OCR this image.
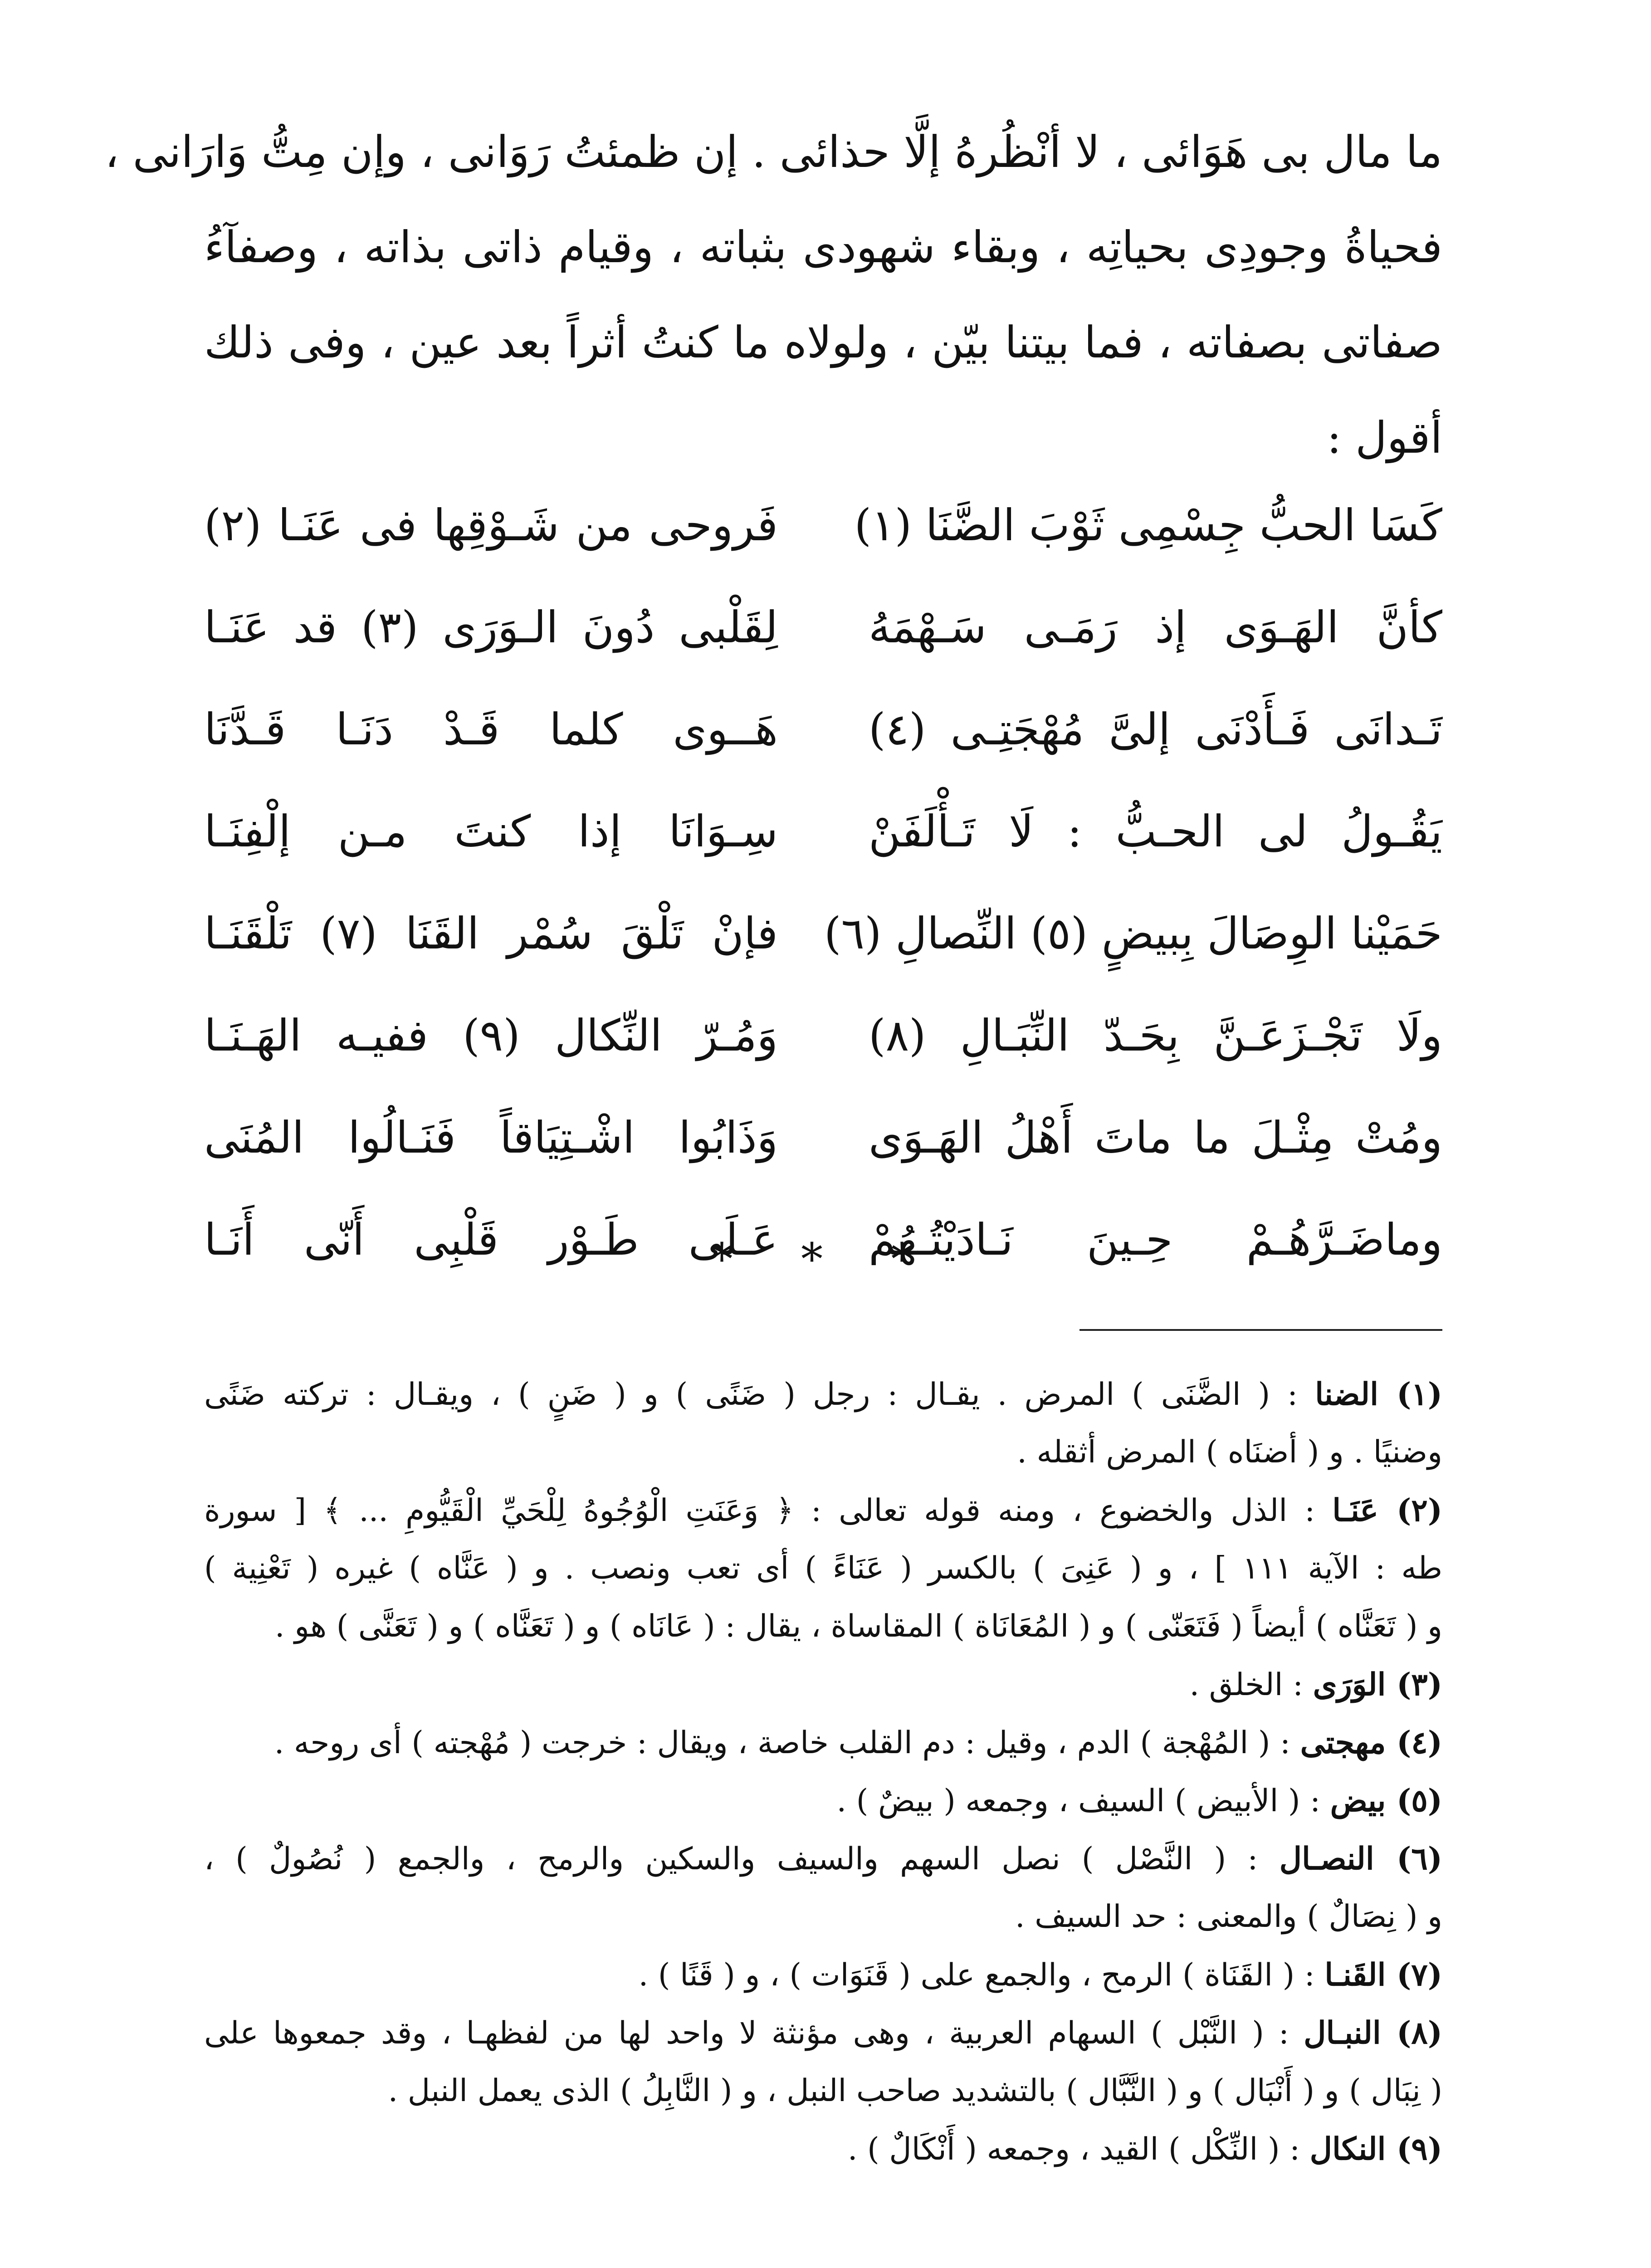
ما مال بى هَوَائى ، لا أنْظُرهُ إلَّا حذائى . إن ظمئتُ رَوَانى ، وإن مِتُّ وَارَانى ،
فحياةُ وجودِى بحياتِه ، وبقاء شهودى بثباته ، وقيام ذاتى بذاته ، وصفآءُ
صفاتى بصفاته ، فما بيتنا بيّن ، ولولاه ما كنتُ أثراً بعد عين ، وفى ذلك
أقول :
كَسَا الحبُّ جِسْمِى ثَوْبَ الضَّنَا (١)
فَروحى من شَـوْقِها فى عَنَـا (٢)
كأنَّ الهَـوَى إذ رَمَـى سَـهْمَهُ
لِقَلْبى دُونَ الـوَرَى (٣) قد عَنَـا
تَـدانَى فَـأَدْنَى إلىَّ مُهْجَتِـى (٤)
هَــوى كلما قَـدْ دَنَـا قَـدَّنَا
يَقُـولُ لى الحـبُّ : لَا تَـأْلَفَنْ
سِـوَانَا إذا كنتَ مـن إلْفِنَـا
حَمَيْنا الوِصَالَ بِبيضٍ (٥) النِّصالِ (٦)
فإنْ تَلْقَ سُمْر القَنَا (٧) تَلْقَنَـا
ولَا تَجْـزَعَـنَّ بِحَـدّ النِّبَـالِ (٨)
وَمُـرّ النِّكال (٩) ففيـه الهَـنَـا
ومُتْ مِثْـلَ ما ماتَ أَهْلُ الهَـوَى
وَذَابُوا اشْـتِيَاقاً فَنَـالُوا المُنَى
وماضَـرَّهُـمْ حِـينَ نَـادَيْتُـهُمْ
عَـلَى طَـوْر قَلْبِى أَنّى أَنَـا
* * *
(١) الضنا : ( الضَّنَى ) المرض . يقـال : رجل ( ضَنًى ) و ( ضَنٍ ) ، ويقـال : تركته ضَنًى
وضنيًا . و ( أضنَاه ) المرض أثقله .
(٢) عَنَـا : الذل والخضوع ، ومنه قوله تعالى : ﴿ وَعَنَتِ الْوُجُوهُ لِلْحَيِّ الْقَيُّومِ ... ﴾ [ سورة
طه : الآية ١١١ ] ، و ( عَنِىَ ) بالكسر ( عَنَاءً ) أى تعب ونصب . و ( عَنَّاه ) غيره ( تَعْنِية )
و ( تَعَنَّاه ) أيضاً ( فَتَعَنّى ) و ( المُعَانَاة ) المقاساة ، يقال : ( عَانَاه ) و ( تَعَنَّاه ) و ( تَعَنَّى ) هو .
(٣) الوَرَى : الخلق .
(٤) مهجتى : ( المُهْجة ) الدم ، وقيل : دم القلب خاصة ، ويقال : خرجت ( مُهْجته ) أى روحه .
(٥) بيض : ( الأبيض ) السيف ، وجمعه ( بيضٌ ) .
(٦) النصـال : ( النَّصْل ) نصل السهم والسيف والسكين والرمح ، والجمع ( نُصُولٌ ) ،
و ( نِصَالٌ ) والمعنى : حد السيف .
(٧) القَنـا : ( القَنَاة ) الرمح ، والجمع على ( قَنَوَات ) ، و ( قَنًا ) .
(٨) النبـال : ( النَّبْل ) السهام العربية ، وهى مؤنثة لا واحد لها من لفظهـا ، وقد جمعوها على
( نِبَال ) و ( أَنْبَال ) و ( النَّبَّال ) بالتشديد صاحب النبل ، و ( النَّابِلُ ) الذى يعمل النبل .
(٩) النكال : ( النِّكْل ) القيد ، وجمعه ( أَنْكَالٌ ) .
